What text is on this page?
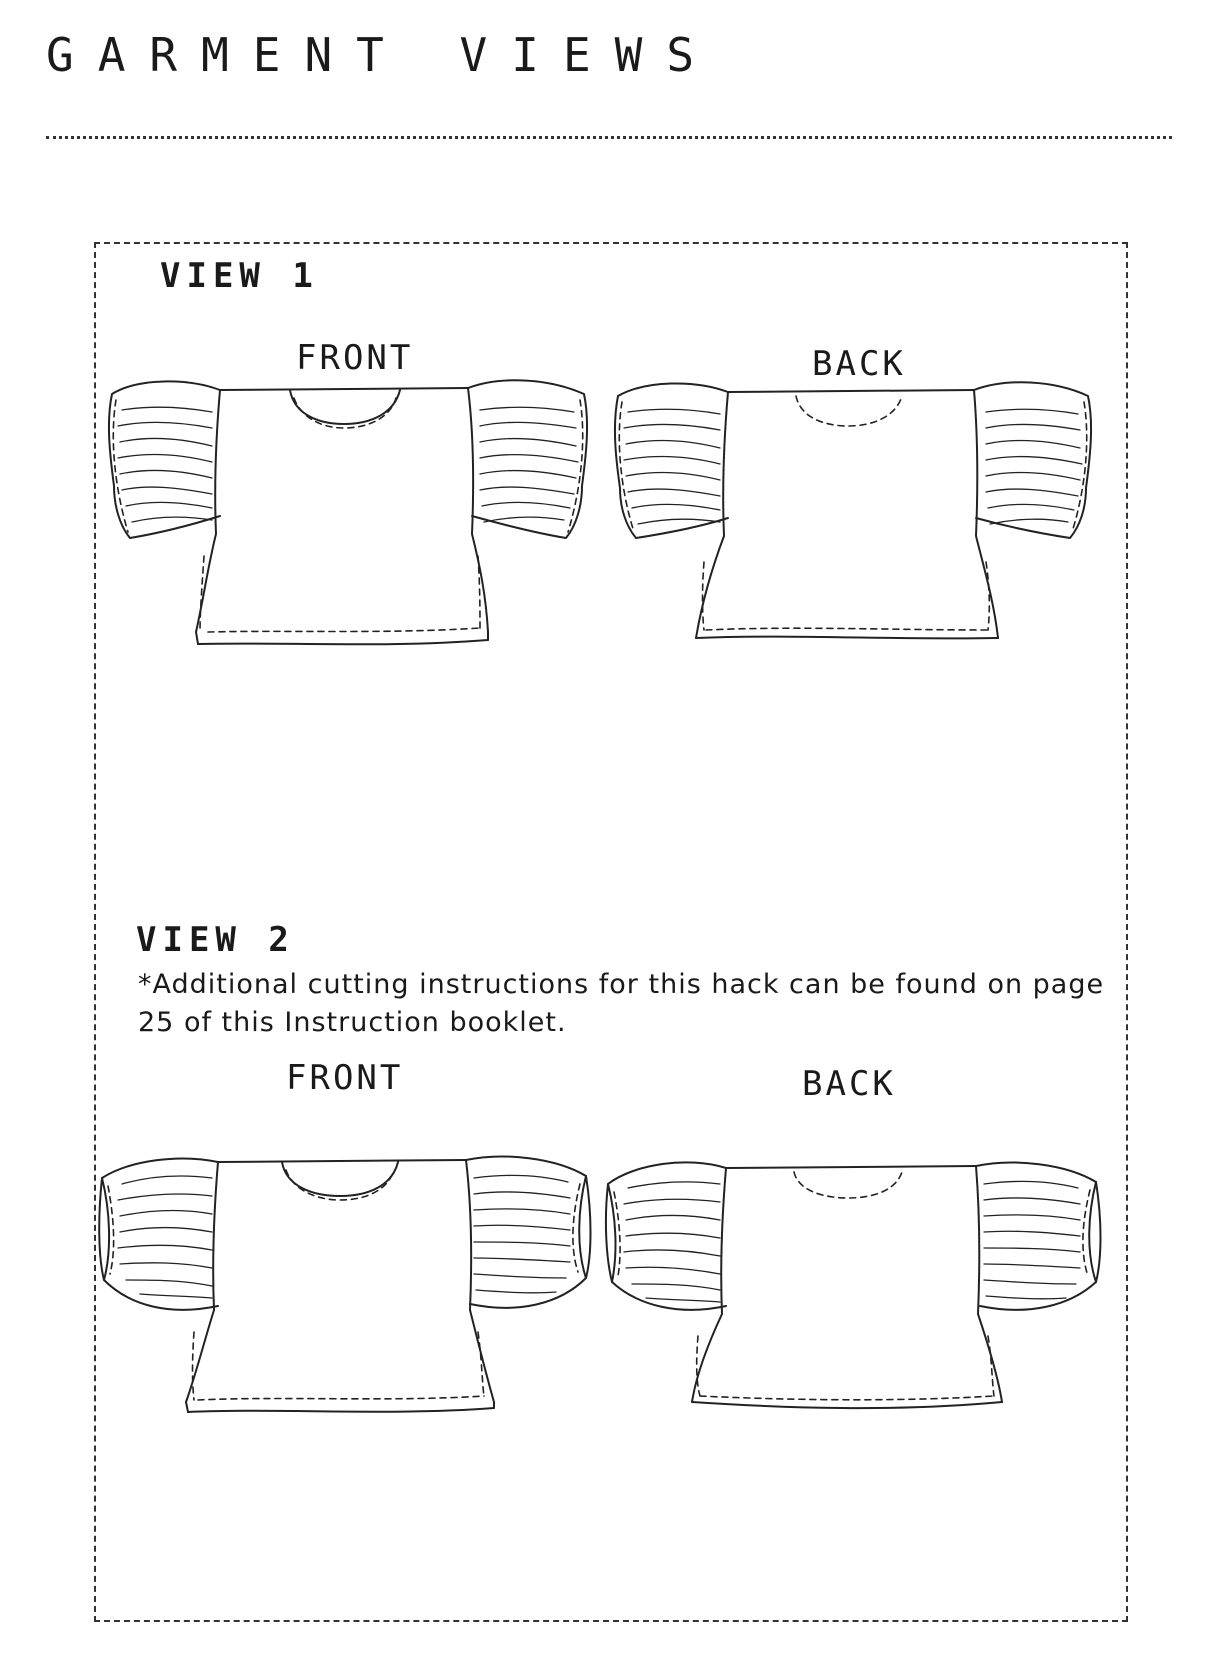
GARMENT VIEWS
VIEW 1
FRONT	BACK
VIEW 2

*Additional cutting instructions for this hack can be found on page 25 of this Instruction booklet.

FRONT	BACK
